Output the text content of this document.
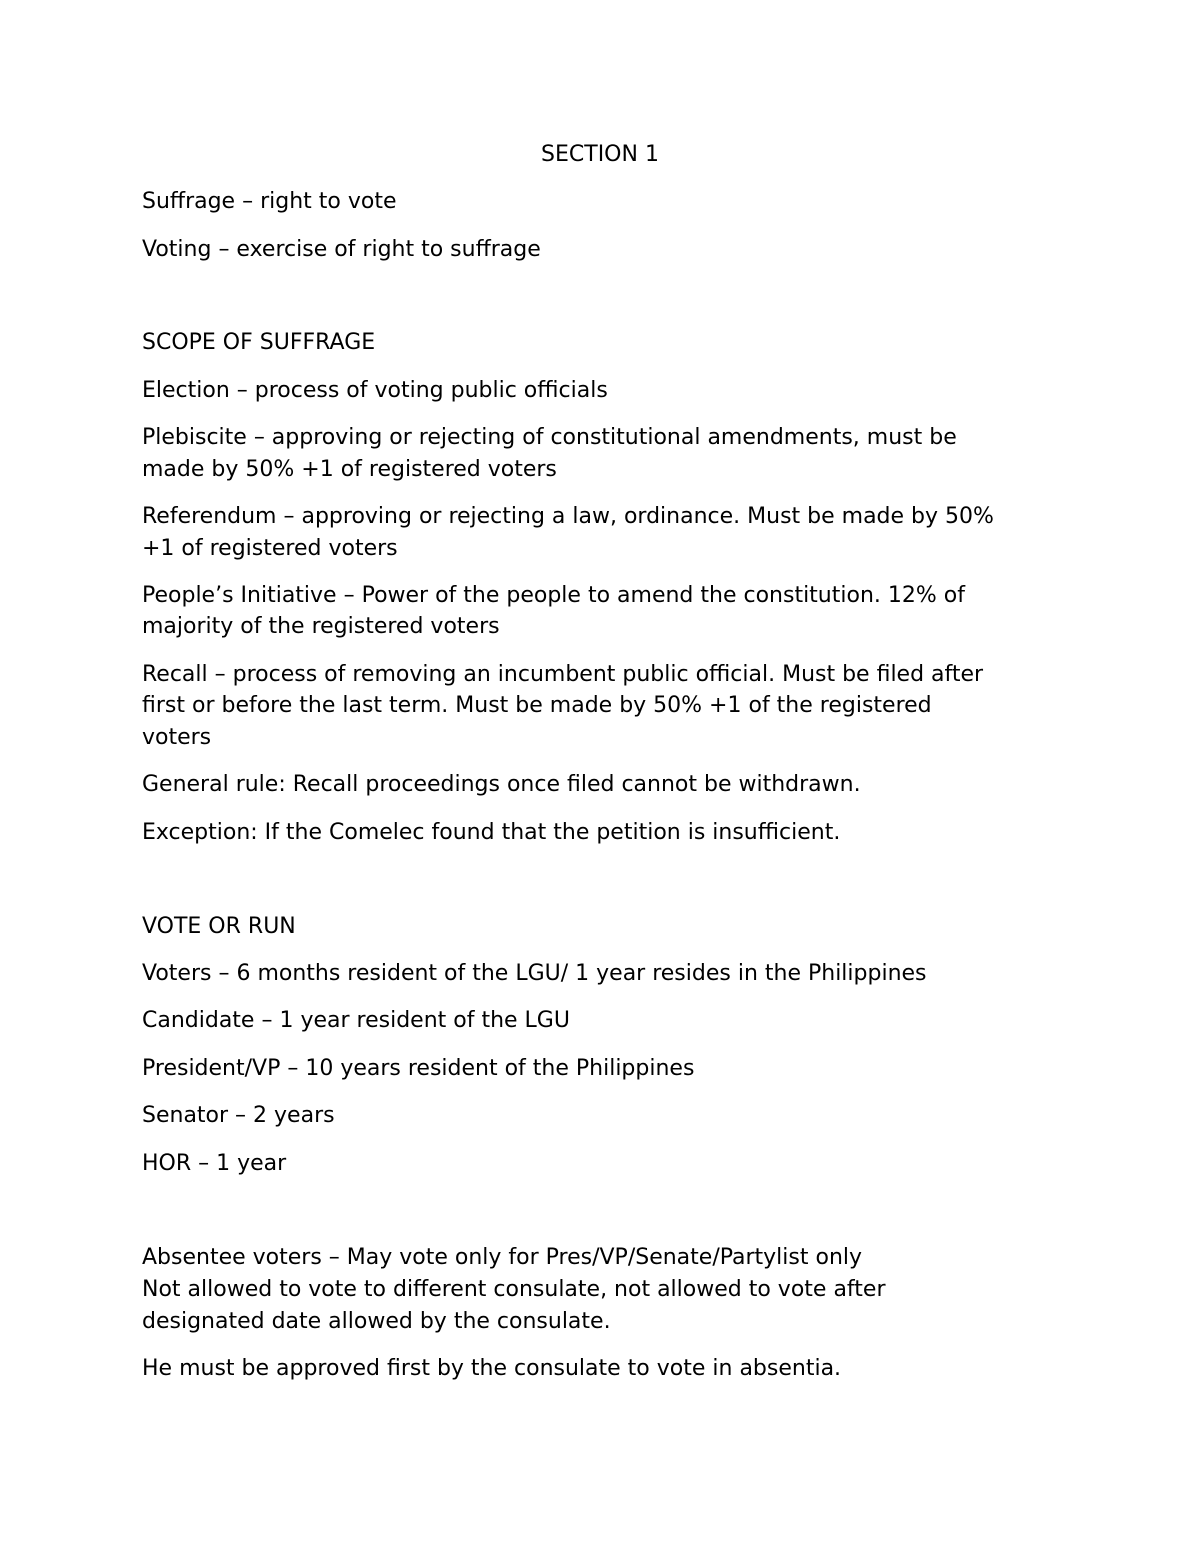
SECTION 1
Suffrage – right to vote
Voting – exercise of right to suffrage
SCOPE OF SUFFRAGE
Election – process of voting public officials
Plebiscite – approving or rejecting of constitutional amendments, must be
made by 50% +1 of registered voters
Referendum – approving or rejecting a law, ordinance. Must be made by 50%
+1 of registered voters
People’s Initiative – Power of the people to amend the constitution. 12% of
majority of the registered voters
Recall – process of removing an incumbent public official. Must be filed after
first or before the last term. Must be made by 50% +1 of the registered
voters
General rule: Recall proceedings once filed cannot be withdrawn.
Exception: If the Comelec found that the petition is insufficient.
VOTE OR RUN
Voters – 6 months resident of the LGU/ 1 year resides in the Philippines
Candidate – 1 year resident of the LGU
President/VP – 10 years resident of the Philippines
Senator – 2 years
HOR – 1 year
Absentee voters – May vote only for Pres/VP/Senate/Partylist only
Not allowed to vote to different consulate, not allowed to vote after
designated date allowed by the consulate.
He must be approved first by the consulate to vote in absentia.
